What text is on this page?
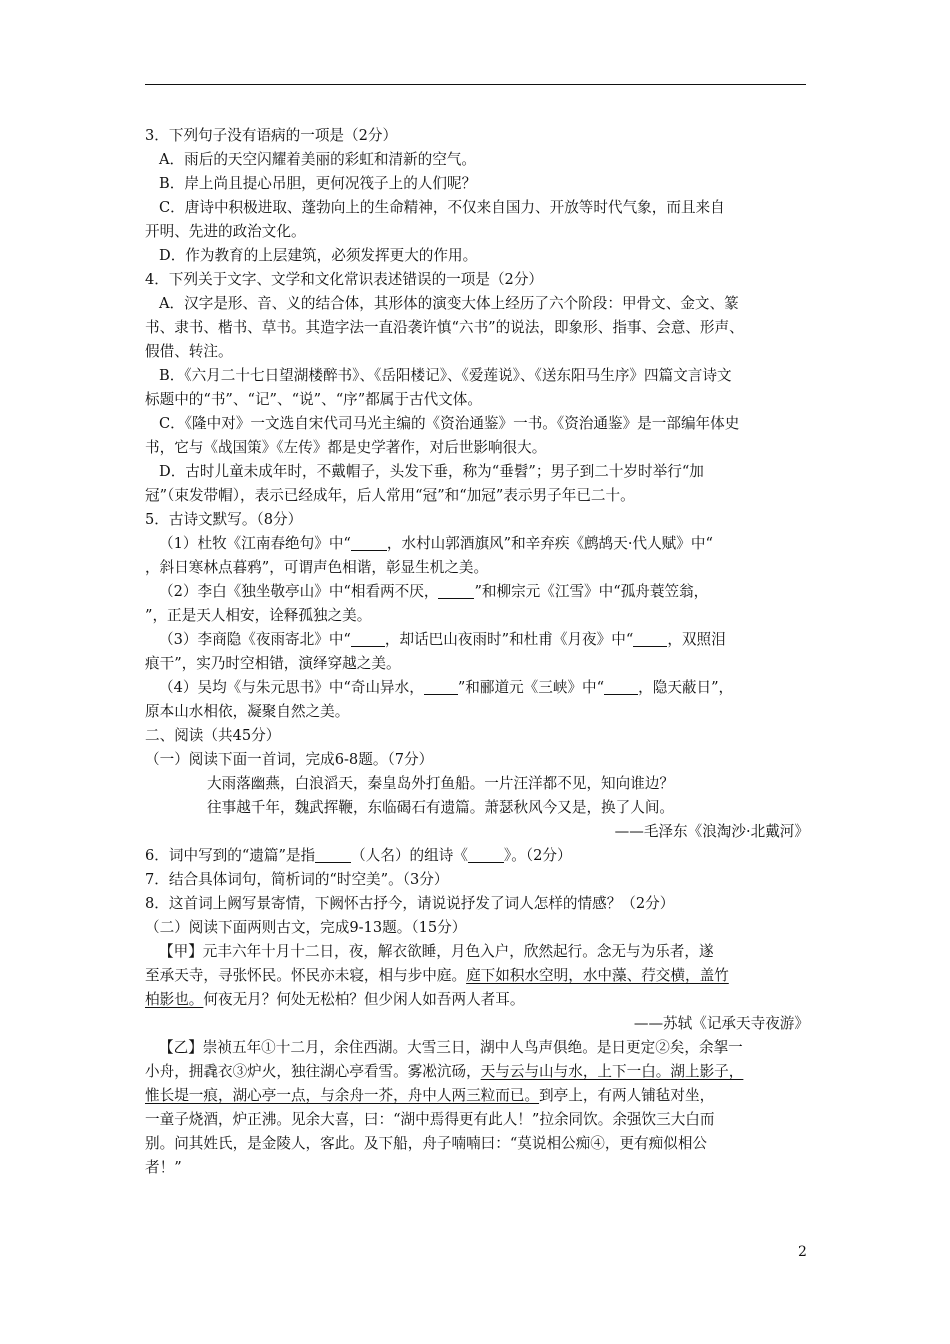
3．下列句子没有语病的一项是（2分）

A．雨后的天空闪耀着美丽的彩虹和清新的空气。

B．岸上尚且提心吊胆，更何况筏子上的人们呢？

C．唐诗中积极进取、蓬勃向上的生命精神，不仅来自国力、开放等时代气象，而且来自

开明、先进的政治文化。

D．作为教育的上层建筑，必须发挥更大的作用。

4．下列关于文字、文学和文化常识表述错误的一项是（2分）

A．汉字是形、音、义的结合体，其形体的演变大体上经历了六个阶段：甲骨文、金文、篆

书、隶书、楷书、草书。其造字法一直沿袭许慎“六书”的说法，即象形、指事、会意、形声、

假借、转注。

B．《六月二十七日望湖楼醉书》、《岳阳楼记》、《爱莲说》、《送东阳马生序》四篇文言诗文

标题中的“书”、“记”、“说”、“序”都属于古代文体。

C．《隆中对》一文选自宋代司马光主编的《资治通鉴》一书。《资治通鉴》是一部编年体史

书，它与《战国策》《左传》都是史学著作，对后世影响很大。

D．古时儿童未成年时，不戴帽子，头发下垂，称为“垂髫”；男子到二十岁时举行“加

冠”（束发带帽），表示已经成年，后人常用“冠”和“加冠”表示男子年已二十。

5．古诗文默写。（8分）

（1）杜牧《江南春绝句》中“ ，水村山郭酒旗风”和辛弃疾《鹧鸪天·代人赋》中“

，斜日寒林点暮鸦”，可谓声色相谐，彰显生机之美。

（2）李白《独坐敬亭山》中“相看两不厌， ”和柳宗元《江雪》中“孤舟蓑笠翁，

”，正是天人相安，诠释孤独之美。

（3）李商隐《夜雨寄北》中“ ，却话巴山夜雨时”和杜甫《月夜》中“ ，双照泪

痕干”，实乃时空相错，演绎穿越之美。

（4）吴均《与朱元思书》中“奇山异水， ”和郦道元《三峡》中“ ，隐天蔽日”，

原本山水相依，凝聚自然之美。

二、阅读（共45分）

（一）阅读下面一首词，完成6-8题。（7分）

大雨落幽燕，白浪滔天，秦皇岛外打鱼船。一片汪洋都不见，知向谁边？

往事越千年，魏武挥鞭，东临碣石有遗篇。萧瑟秋风今又是，换了人间。

——毛泽东《浪淘沙·北戴河》

6．词中写到的“遗篇”是指 （人名）的组诗《 》。（2分）

7．结合具体词句，简析词的“时空美”。（3分）

8．这首词上阙写景寄情，下阙怀古抒今，请说说抒发了词人怎样的情感？（2分）

（二）阅读下面两则古文，完成9-13题。（15分）

【甲】元丰六年十月十二日，夜，解衣欲睡，月色入户，欣然起行。念无与为乐者，遂

至承天寺，寻张怀民。怀民亦未寝，相与步中庭。庭下如积水空明，水中藻、荇交横，盖竹

柏影也。何夜无月？何处无松柏？但少闲人如吾两人者耳。

——苏轼《记承天寺夜游》

【乙】崇祯五年①十二月，余住西湖。大雪三日，湖中人鸟声俱绝。是日更定②矣，余挐一

小舟，拥毳衣③炉火，独往湖心亭看雪。雾凇沆砀，天与云与山与水，上下一白。湖上影子，

惟长堤一痕，湖心亭一点，与余舟一芥，舟中人两三粒而已。到亭上，有两人铺毡对坐，

一童子烧酒，炉正沸。见余大喜，曰：“湖中焉得更有此人！”拉余同饮。余强饮三大白而

别。问其姓氏，是金陵人，客此。及下船，舟子喃喃曰：“莫说相公痴④，更有痴似相公

者！”

2
